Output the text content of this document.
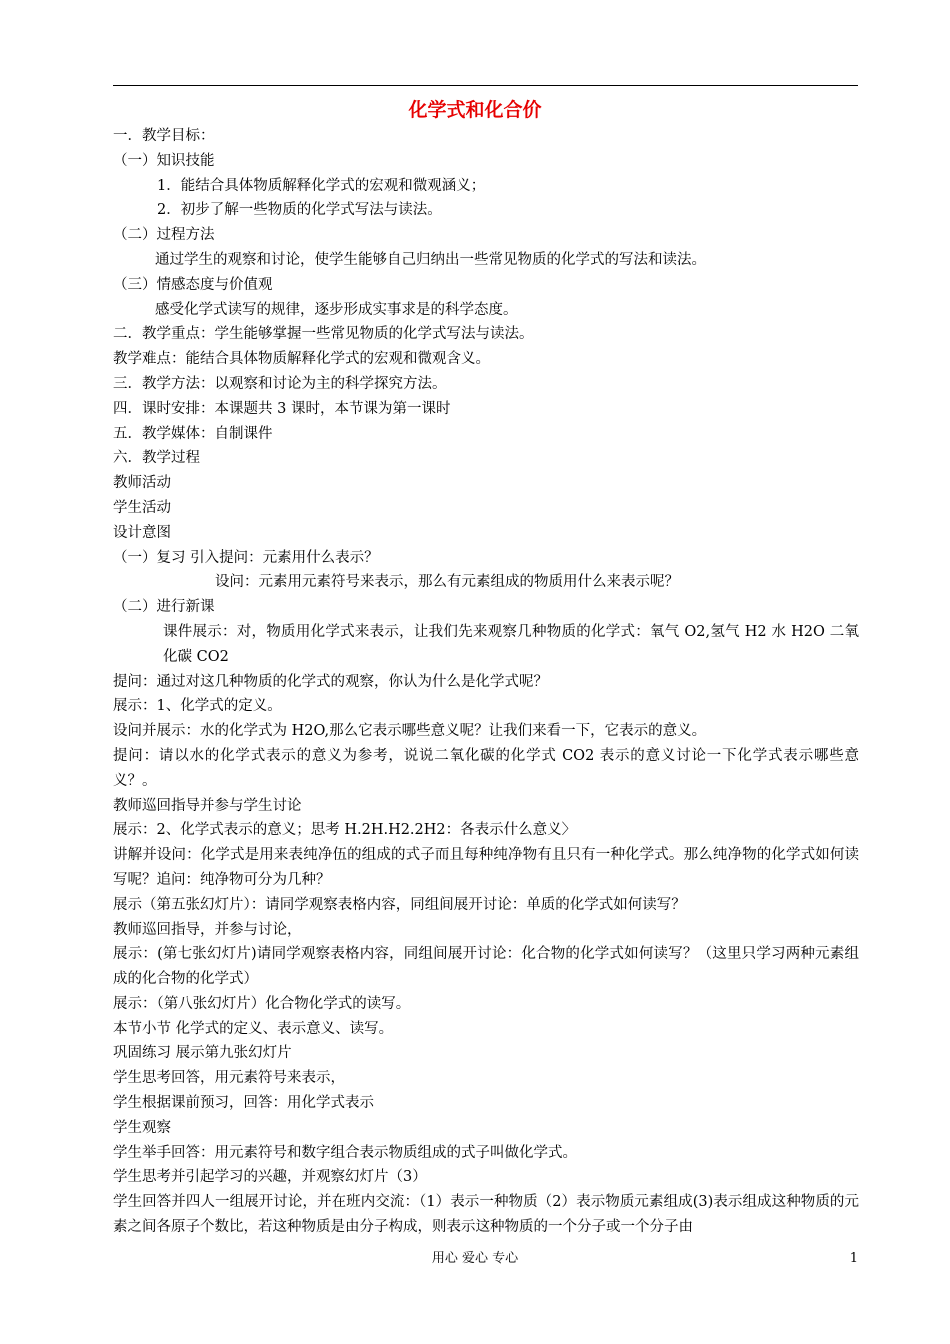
化学式和化合价
一．教学目标：
（一）知识技能
1．能结合具体物质解释化学式的宏观和微观涵义；
2．初步了解一些物质的化学式写法与读法。
（二）过程方法
通过学生的观察和讨论，使学生能够自己归纳出一些常见物质的化学式的写法和读法。
（三）情感态度与价值观
感受化学式读写的规律，逐步形成实事求是的科学态度。
二．教学重点：学生能够掌握一些常见物质的化学式写法与读法。
教学难点：能结合具体物质解释化学式的宏观和微观含义。
三．教学方法：以观察和讨论为主的科学探究方法。
四．课时安排：本课题共 3 课时，本节课为第一课时
五．教学媒体：自制课件
六．教学过程
教师活动
学生活动
设计意图
（一）复习 引入提问：元素用什么表示？
设问：元素用元素符号来表示，那么有元素组成的物质用什么来表示呢？
（二）进行新课
课件展示：对，物质用化学式来表示，让我们先来观察几种物质的化学式：氧气 O2,氢气 H2 水 H2O 二氧化碳 CO2
提问：通过对这几种物质的化学式的观察，你认为什么是化学式呢？
展示：1、化学式的定义。
设问并展示：水的化学式为 H2O,那么它表示哪些意义呢？让我们来看一下，它表示的意义。
提问：请以水的化学式表示的意义为参考，说说二氧化碳的化学式 CO2 表示的意义讨论一下化学式表示哪些意义？。
教师巡回指导并参与学生讨论
展示：2、化学式表示的意义；思考 H.2H.H2.2H2：各表示什么意义〉
讲解并设问：化学式是用来表纯净伍的组成的式子而且每种纯净物有且只有一种化学式。那么纯净物的化学式如何读写呢？追问：纯净物可分为几种？
展示（第五张幻灯片）：请同学观察表格内容，同组间展开讨论：单质的化学式如何读写？
教师巡回指导，并参与讨论，
展示：(第七张幻灯片)请同学观察表格内容，同组间展开讨论：化合物的化学式如何读写？（这里只学习两种元素组成的化合物的化学式）
展示：（第八张幻灯片）化合物化学式的读写。
本节小节 化学式的定义、表示意义、读写。
巩固练习 展示第九张幻灯片
学生思考回答，用元素符号来表示，
学生根据课前预习，回答：用化学式表示
学生观察
学生举手回答：用元素符号和数字组合表示物质组成的式子叫做化学式。
学生思考并引起学习的兴趣，并观察幻灯片（3）
学生回答并四人一组展开讨论，并在班内交流：（1）表示一种物质（2）表示物质元素组成(3)表示组成这种物质的元素之间各原子个数比，若这种物质是由分子构成，则表示这种物质的一个分子或一个分子由
用心 爱心 专心	1
